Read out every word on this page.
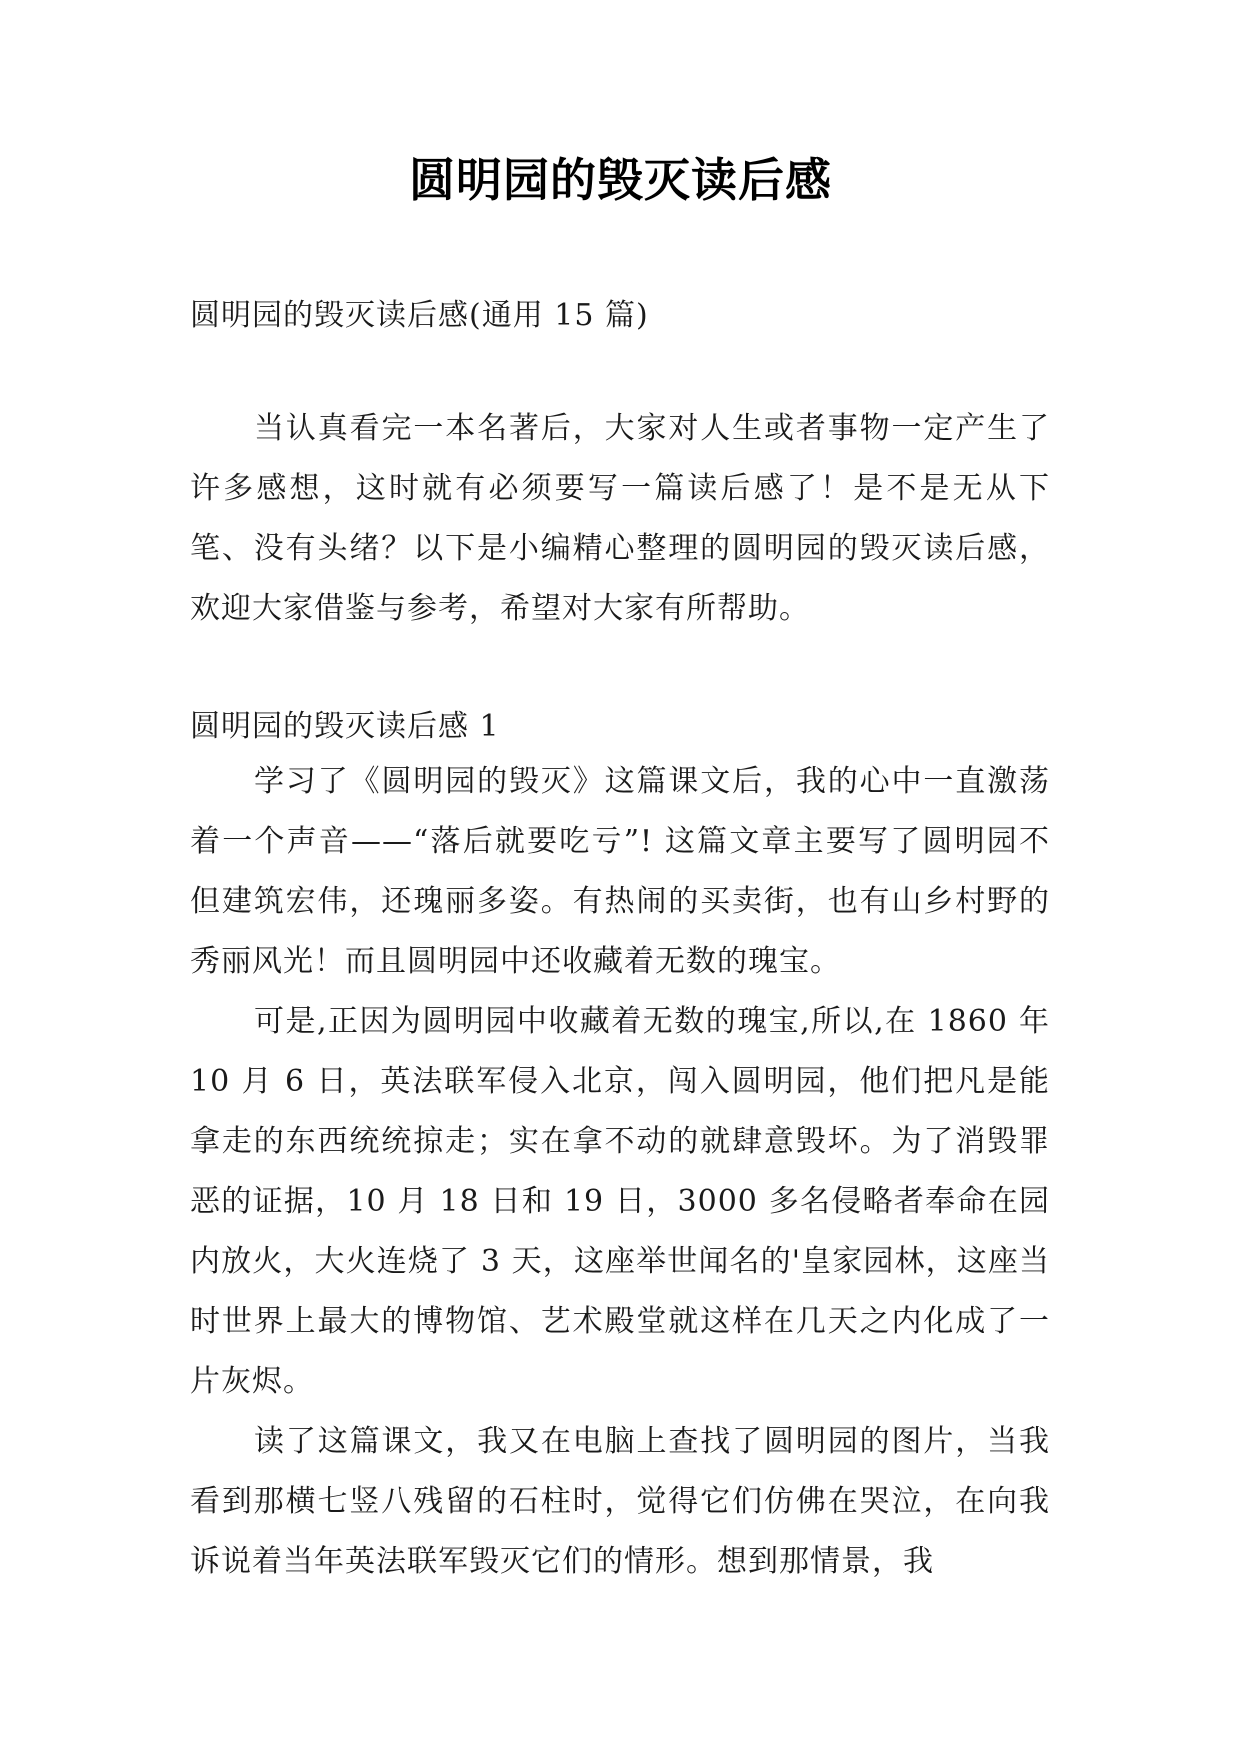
圆明园的毁灭读后感

圆明园的毁灭读后感(通用 15 篇)

当认真看完一本名著后，大家对人生或者事物一定产生了许多感想，这时就有必须要写一篇读后感了！是不是无从下笔、没有头绪？以下是小编精心整理的圆明园的毁灭读后感，欢迎大家借鉴与参考，希望对大家有所帮助。

圆明园的毁灭读后感 1

学习了《圆明园的毁灭》这篇课文后，我的心中一直激荡着一个声音——“落后就要吃亏”! 这篇文章主要写了圆明园不但建筑宏伟，还瑰丽多姿。有热闹的买卖街，也有山乡村野的秀丽风光！而且圆明园中还收藏着无数的瑰宝。

可是,正因为圆明园中收藏着无数的瑰宝,所以,在 1860 年 10 月 6 日，英法联军侵入北京，闯入圆明园，他们把凡是能拿走的东西统统掠走；实在拿不动的就肆意毁坏。为了消毁罪恶的证据，10 月 18 日和 19 日，3000 多名侵略者奉命在园内放火，大火连烧了 3 天，这座举世闻名的'皇家园林，这座当时世界上最大的博物馆、艺术殿堂就这样在几天之内化成了一片灰烬。

读了这篇课文，我又在电脑上查找了圆明园的图片，当我看到那横七竖八残留的石柱时，觉得它们仿佛在哭泣，在向我诉说着当年英法联军毁灭它们的情形。想到那情景，我
